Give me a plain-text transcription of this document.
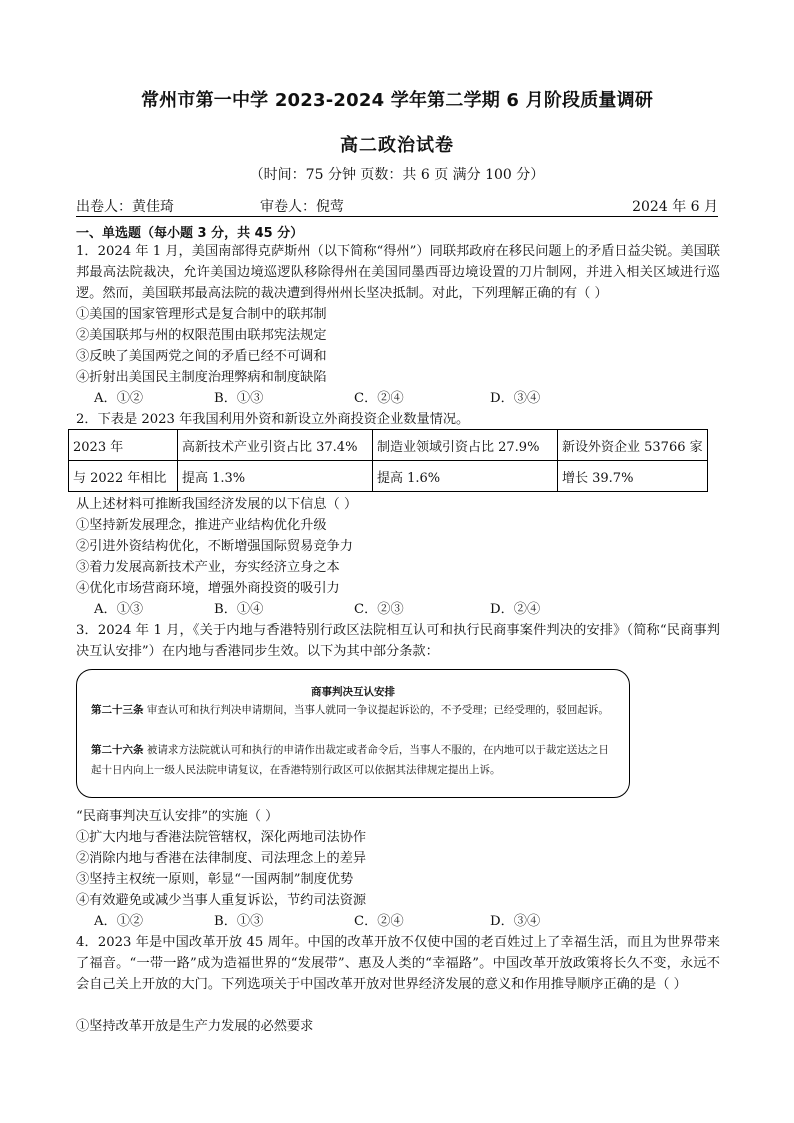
常州市第一中学 2023-2024 学年第二学期 6 月阶段质量调研
高二政治试卷
（时间：75 分钟 页数：共 6 页 满分 100 分）
出卷人：黄佳琦	审卷人：倪莺	2024 年 6 月
一、单选题（每小题 3 分，共 45 分）
1．2024 年 1 月，美国南部得克萨斯州（以下简称“得州”）同联邦政府在移民问题上的矛盾日益尖锐。美国联邦最高法院裁决，允许美国边境巡逻队移除得州在美国同墨西哥边境设置的刀片制网，并进入相关区域进行巡逻。然而，美国联邦最高法院的裁决遭到得州州长坚决抵制。对此，下列理解正确的有（ ）
①美国的国家管理形式是复合制中的联邦制
②美国联邦与州的权限范围由联邦宪法规定
③反映了美国两党之间的矛盾已经不可调和
④折射出美国民主制度治理弊病和制度缺陷
A．①②	B．①③	C．②④	D．③④
2．下表是 2023 年我国利用外资和新设立外商投资企业数量情况。
2023 年	高新技术产业引资占比 37.4%	制造业领域引资占比 27.9%	新设外资企业 53766 家
与 2022 年相比	提高 1.3%	提高 1.6%	增长 39.7%
从上述材料可推断我国经济发展的以下信息（ ）
①坚持新发展理念，推进产业结构优化升级
②引进外资结构优化，不断增强国际贸易竞争力
③着力发展高新技术产业，夯实经济立身之本
④优化市场营商环境，增强外商投资的吸引力
A．①③	B．①④	C．②③	D．②④
3．2024 年 1 月，《关于内地与香港特别行政区法院相互认可和执行民商事案件判决的安排》（简称“民商事判决互认安排”）在内地与香港同步生效。以下为其中部分条款：
商事判决互认安排
第二十三条 审查认可和执行判决申请期间，当事人就同一争议提起诉讼的，不予受理；已经受理的，驳回起诉。
第二十六条 被请求方法院就认可和执行的申请作出裁定或者命令后，当事人不服的，在内地可以于裁定送达之日起十日内向上一级人民法院申请复议，在香港特别行政区可以依据其法律规定提出上诉。
“民商事判决互认安排”的实施（ ）
①扩大内地与香港法院管辖权，深化两地司法协作
②消除内地与香港在法律制度、司法理念上的差异
③坚持主权统一原则，彰显“一国两制”制度优势
④有效避免或减少当事人重复诉讼，节约司法资源
A．①②	B．①③	C．②④	D．③④
4．2023 年是中国改革开放 45 周年。中国的改革开放不仅使中国的老百姓过上了幸福生活，而且为世界带来了福音。“一带一路”成为造福世界的“发展带”、惠及人类的“幸福路”。中国改革开放政策将长久不变，永远不会自己关上开放的大门。下列选项关于中国改革开放对世界经济发展的意义和作用推导顺序正确的是（ ）
①坚持改革开放是生产力发展的必然要求
